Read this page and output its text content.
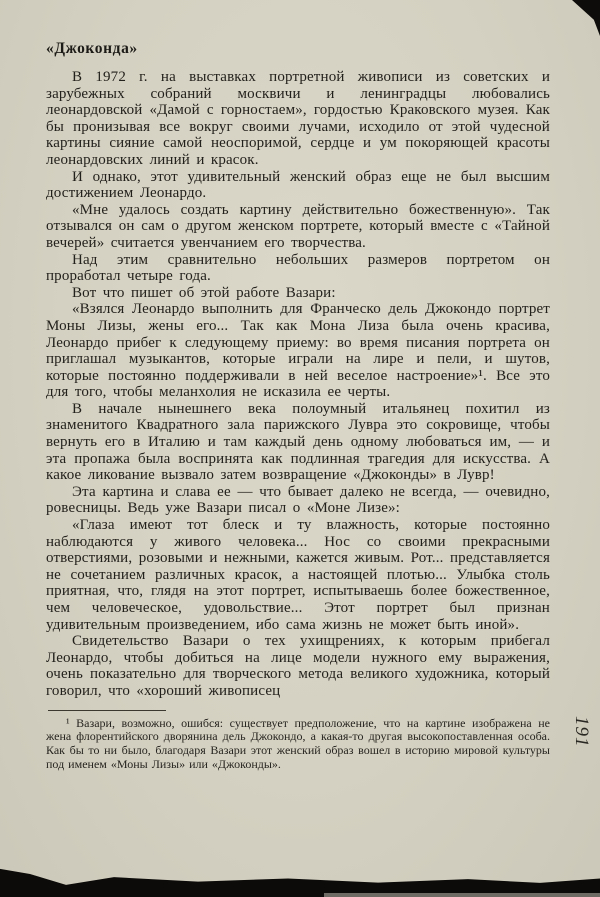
«Джоконда»

В 1972 г. на выставках портретной живописи из советских и зарубежных собраний москвичи и ленинградцы любовались леонардовской «Дамой с горностаем», гордостью Краковского музея. Как бы пронизывая все вокруг своими лучами, исходило от этой чудесной картины сияние самой неоспоримой, сердце и ум покоряющей красоты леонардовских линий и красок.

И однако, этот удивительный женский образ еще не был высшим достижением Леонардо.

«Мне удалось создать картину действительно божественную». Так отзывался он сам о другом женском портрете, который вместе с «Тайной вечерей» считается увенчанием его творчества.

Над этим сравнительно небольших размеров портретом он проработал четыре года.

Вот что пишет об этой работе Вазари:

«Взялся Леонардо выполнить для Франческо дель Джокондо портрет Моны Лизы, жены его... Так как Мона Лиза была очень красива, Леонардо прибег к следующему приему: во время писания портрета он приглашал музыкантов, которые играли на лире и пели, и шутов, которые постоянно поддерживали в ней веселое настроение»¹. Все это для того, чтобы меланхолия не исказила ее черты.

В начале нынешнего века полоумный итальянец похитил из знаменитого Квадратного зала парижского Лувра это сокровище, чтобы вернуть его в Италию и там каждый день одному любоваться им, — и эта пропажа была воспринята как подлинная трагедия для искусства. А какое ликование вызвало затем возвращение «Джоконды» в Лувр!

Эта картина и слава ее — что бывает далеко не всегда, — очевидно, ровесницы. Ведь уже Вазари писал о «Моне Лизе»:

«Глаза имеют тот блеск и ту влажность, которые постоянно наблюдаются у живого человека... Нос со своими прекрасными отверстиями, розовыми и нежными, кажется живым. Рот... представляется не сочетанием различных красок, а настоящей плотью... Улыбка столь приятная, что, глядя на этот портрет, испытываешь более божественное, чем человеческое, удовольствие... Этот портрет был признан удивительным произведением, ибо сама жизнь не может быть иной».

Свидетельство Вазари о тех ухищрениях, к которым прибегал Леонардо, чтобы добиться на лице модели нужного ему выражения, очень показательно для творческого метода великого художника, который говорил, что «хороший живописец

¹ Вазари, возможно, ошибся: существует предположение, что на картине изображена не жена флорентийского дворянина дель Джокондо, а какая-то другая высокопоставленная особа. Как бы то ни было, благодаря Вазари этот женский образ вошел в историю мировой культуры под именем «Моны Лизы» или «Джоконды».

191
